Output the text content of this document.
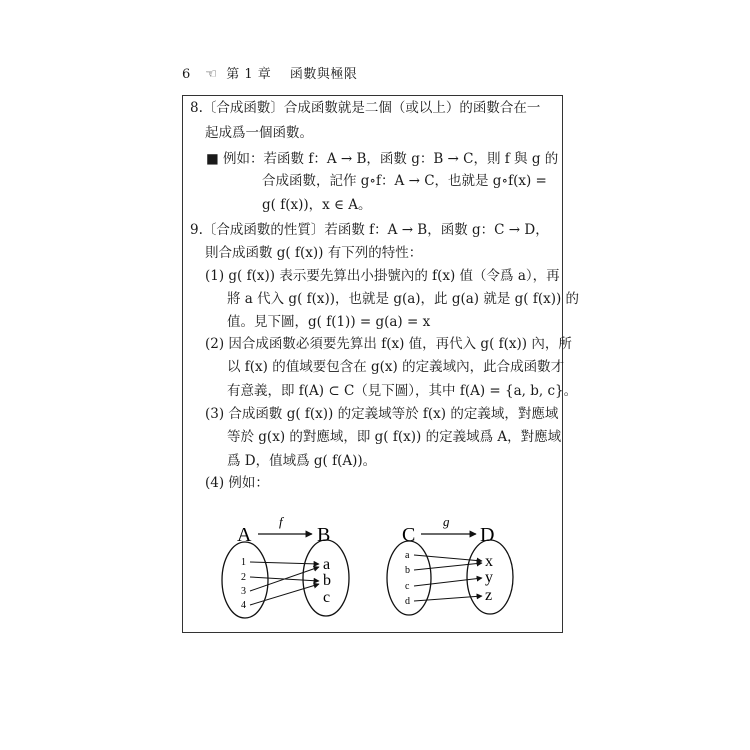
6 ☜ 第 1 章 函數與極限
8.〔合成函數〕合成函數就是二個（或以上）的函數合在一
起成爲一個函數。
■ 例如：若函數 f：A → B，函數 g：B → C，則 f 與 g 的
合成函數，記作 g∘f：A → C，也就是 g∘f(x) =
g( f(x))，x ∈ A。
9.〔合成函數的性質〕若函數 f：A → B，函數 g：C → D，
則合成函數 g( f(x)) 有下列的特性：
(1) g( f(x)) 表示要先算出小掛號內的 f(x) 值（令爲 a），再
將 a 代入 g( f(x))，也就是 g(a)，此 g(a) 就是 g( f(x)) 的
值。見下圖，g( f(1)) = g(a) = x
(2) 因合成函數必須要先算出 f(x) 值，再代入 g( f(x)) 內，所
以 f(x) 的值域要包含在 g(x) 的定義域內，此合成函數才
有意義，即 f(A) ⊂ C（見下圖），其中 f(A) = {a, b, c}。
(3) 合成函數 g( f(x)) 的定義域等於 f(x) 的定義域，對應域
等於 g(x) 的對應域，即 g( f(x)) 的定義域爲 A，對應域
爲 D，值域爲 g( f(A))。
(4) 例如：
A
f
B
1
2
3
4
a
b
c
C
g
D
a
b
c
d
x
y
z
